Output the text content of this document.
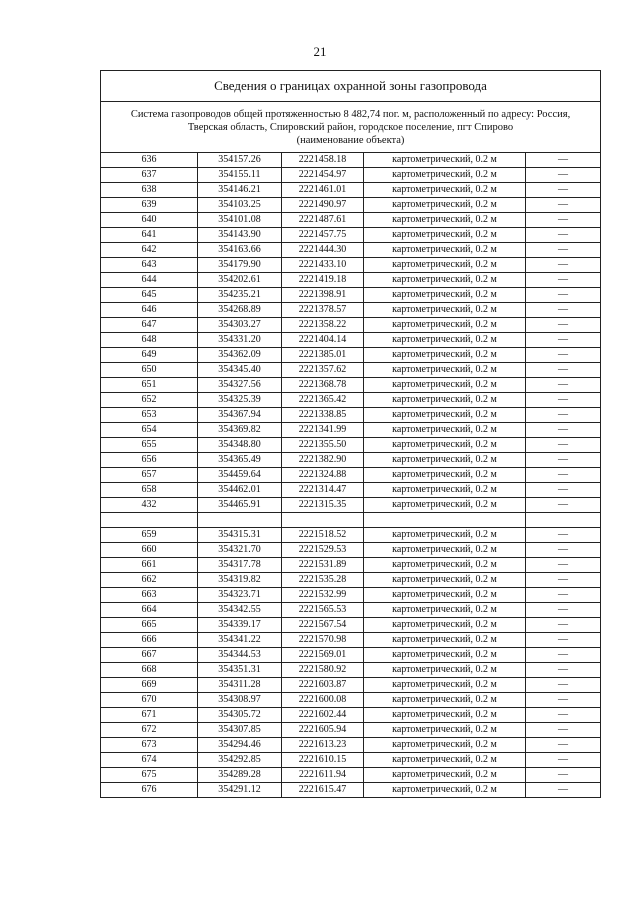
21
Сведения о границах охранной зоны газопровода				

Система газопроводов общей протяженностью 8 482,74 пог. м, расположенный по адресу: Россия,
Тверская область, Спировский район, городское поселение, пгт Спирово
(наименование объекта)				

636	354157.26	2221458.18	картометрический, 0.2 м	—
637	354155.11	2221454.97	картометрический, 0.2 м	—
638	354146.21	2221461.01	картометрический, 0.2 м	—
639	354103.25	2221490.97	картометрический, 0.2 м	—
640	354101.08	2221487.61	картометрический, 0.2 м	—
641	354143.90	2221457.75	картометрический, 0.2 м	—
642	354163.66	2221444.30	картометрический, 0.2 м	—
643	354179.90	2221433.10	картометрический, 0.2 м	—
644	354202.61	2221419.18	картометрический, 0.2 м	—
645	354235.21	2221398.91	картометрический, 0.2 м	—
646	354268.89	2221378.57	картометрический, 0.2 м	—
647	354303.27	2221358.22	картометрический, 0.2 м	—
648	354331.20	2221404.14	картометрический, 0.2 м	—
649	354362.09	2221385.01	картометрический, 0.2 м	—
650	354345.40	2221357.62	картометрический, 0.2 м	—
651	354327.56	2221368.78	картометрический, 0.2 м	—
652	354325.39	2221365.42	картометрический, 0.2 м	—
653	354367.94	2221338.85	картометрический, 0.2 м	—
654	354369.82	2221341.99	картометрический, 0.2 м	—
655	354348.80	2221355.50	картометрический, 0.2 м	—
656	354365.49	2221382.90	картометрический, 0.2 м	—
657	354459.64	2221324.88	картометрический, 0.2 м	—
658	354462.01	2221314.47	картометрический, 0.2 м	—
432	354465.91	2221315.35	картометрический, 0.2 м	—

659	354315.31	2221518.52	картометрический, 0.2 м	—
660	354321.70	2221529.53	картометрический, 0.2 м	—
661	354317.78	2221531.89	картометрический, 0.2 м	—
662	354319.82	2221535.28	картометрический, 0.2 м	—
663	354323.71	2221532.99	картометрический, 0.2 м	—
664	354342.55	2221565.53	картометрический, 0.2 м	—
665	354339.17	2221567.54	картометрический, 0.2 м	—
666	354341.22	2221570.98	картометрический, 0.2 м	—
667	354344.53	2221569.01	картометрический, 0.2 м	—
668	354351.31	2221580.92	картометрический, 0.2 м	—
669	354311.28	2221603.87	картометрический, 0.2 м	—
670	354308.97	2221600.08	картометрический, 0.2 м	—
671	354305.72	2221602.44	картометрический, 0.2 м	—
672	354307.85	2221605.94	картометрический, 0.2 м	—
673	354294.46	2221613.23	картометрический, 0.2 м	—
674	354292.85	2221610.15	картометрический, 0.2 м	—
675	354289.28	2221611.94	картометрический, 0.2 м	—
676	354291.12	2221615.47	картометрический, 0.2 м	—
